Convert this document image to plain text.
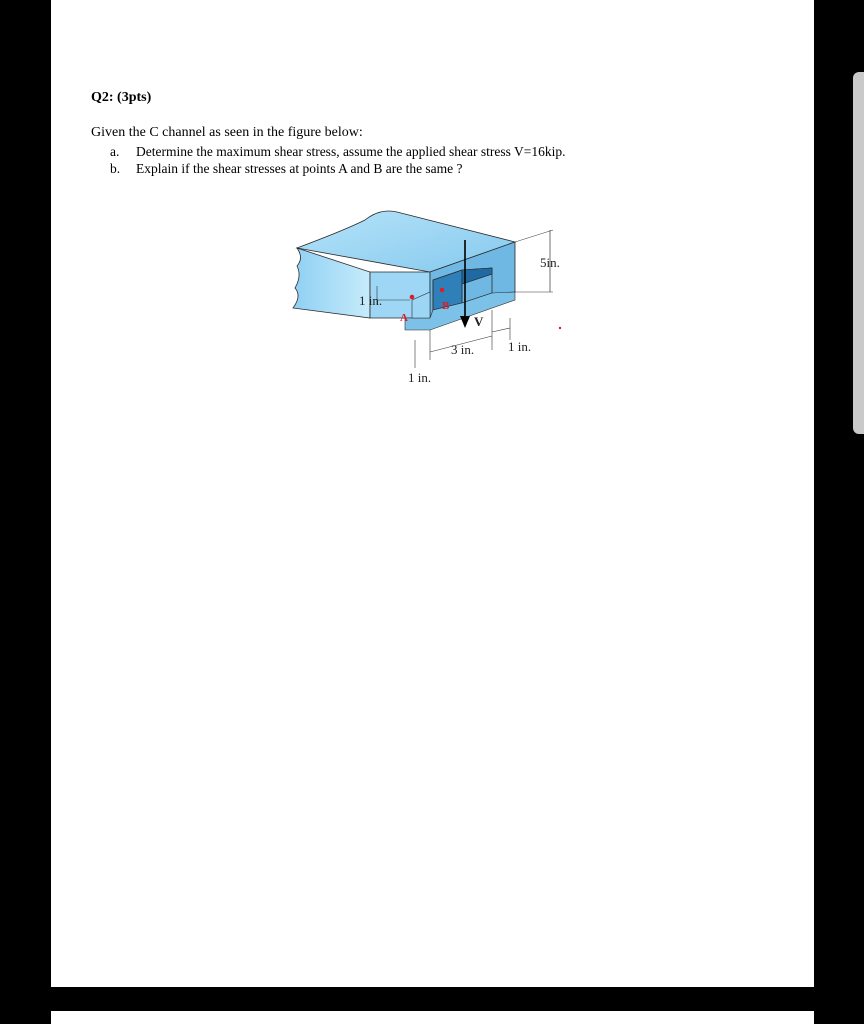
Q2: (3pts)
Given the C channel as seen in the figure below:
a.	Determine the maximum shear stress, assume the applied shear stress V=16kip.
b.	Explain if the shear stresses at points A and B are the same ?
5in.
1 in.
A
B
V
3 in.	1 in.
1 in.
